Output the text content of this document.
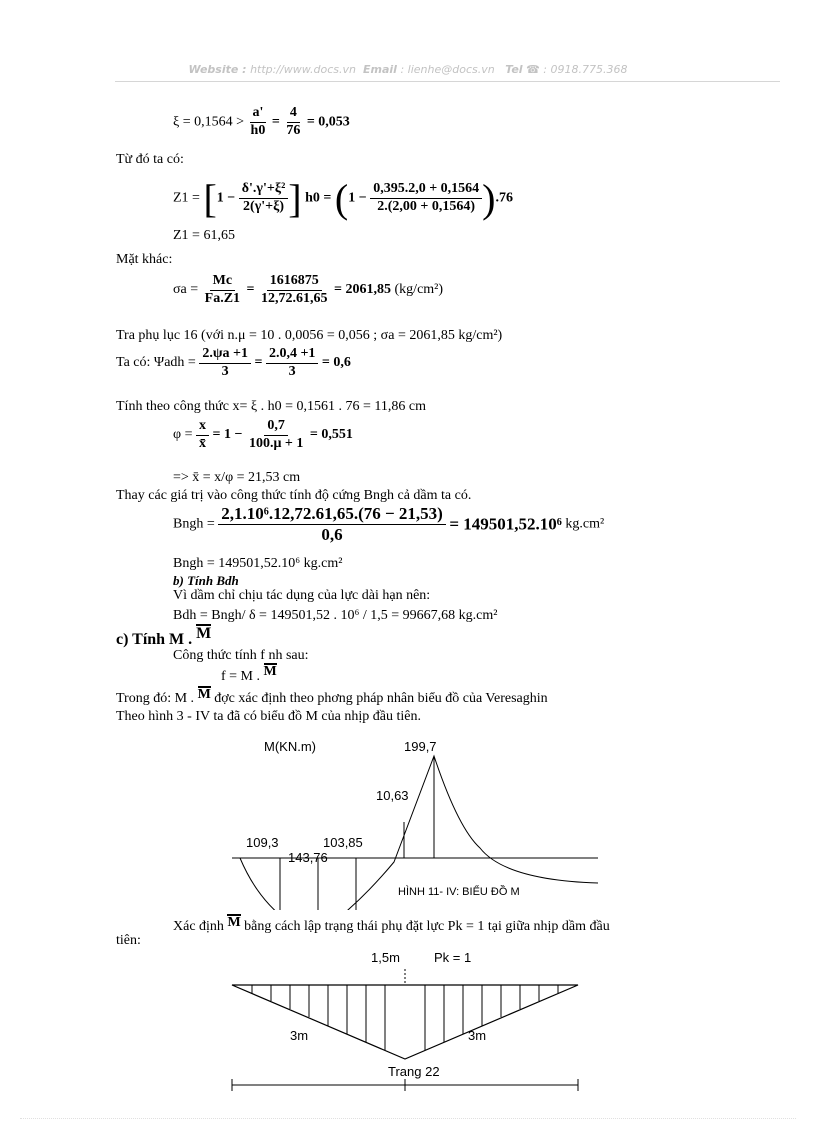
Website : http://www.docs.vn Email : lienhe@docs.vn Tel ☎ : 0918.775.368
$\xi = 0,1564 > \frac{a'}{h0} = \frac{4}{76} = 0,053$
Từ đó ta có:
$Z1 = [1 - \frac{\text{δ'.γ'+ξ²}}{2(\gamma'+\xi)}$ ] $h0 = (1 - \frac{0,395.2,0 + 0,1564}{2.(2,00 + 0,1564)} ).76$
Z1 = 61,65
Mặt khác:
$\sigma a = \frac{Mc}{Fa.Z1} = \frac{1616875}{12,72.61,65} = 2061,85$ (kg/cm²)
Tra phụ lục 16 (với n.μ = 10 . 0,0056 = 0,056 ; σa = 2061,85 kg/cm²)
Ta có: $\Psi adh = \frac{2.\psi a +1}{3} = \frac{2.0,4 +1}{3} = 0,6$
Tính theo công thức x= ξ . h0 = 0,1561 . 76 = 11,86 cm
$\varphi = \frac{x}{x̄} = 1 - \frac{0,7}{100.\mu + 1} = 0,551$
=> x̄ = x/φ = 21,53 cm
Thay các giá trị vào công thức tính độ cứng Bngh cả dầm ta có.
Bngh = $\frac{\text{2,1.10⁶.12,72.61,65.(76 − 21,53)}}{0,6} = 149501,52.10^6$ kg.cm²
Bngh = 149501,52.10⁶ kg.cm²
b) Tính Bdh
Vì dầm chỉ chịu tác dụng của lực dài hạn nên:
Bdh = Bngh/ δ = 149501,52 . 10⁶ / 1,5 = 99667,68 kg.cm²
c) Tính M . M
Công thức tính f nh sau:
f = M . M
Trong đó: M . M đợc xác định theo phơng pháp nhân biểu đồ của Veresaghin
Theo hình 3 - IV ta đã có biểu đồ M của nhịp đầu tiên.
M(KN.m)	199,7
10,63
109,3	103,85
143,76
HÌNH 11- IV: BIỂU ĐỒ M
Xác định M bằng cách lập trạng thái phụ đặt lực Pk = 1 tại giữa nhịp dầm đầu
tiên:
1,5m	Pk = 1
3m	3m
Trang 22
